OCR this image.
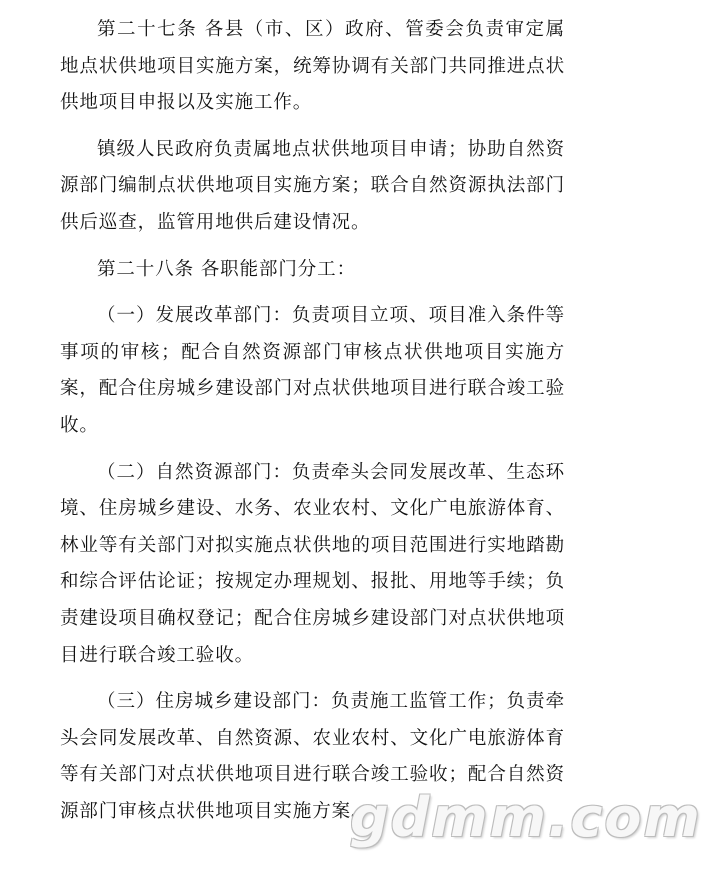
第二十七条 各县（市、区）政府、管委会负责审定属地点状供地项目实施方案，统筹协调有关部门共同推进点状供地项目申报以及实施工作。

镇级人民政府负责属地点状供地项目申请；协助自然资源部门编制点状供地项目实施方案；联合自然资源执法部门供后巡查，监管用地供后建设情况。

第二十八条 各职能部门分工：

（一）发展改革部门：负责项目立项、项目准入条件等事项的审核；配合自然资源部门审核点状供地项目实施方案，配合住房城乡建设部门对点状供地项目进行联合竣工验收。

（二）自然资源部门：负责牵头会同发展改革、生态环境、住房城乡建设、水务、农业农村、文化广电旅游体育、林业等有关部门对拟实施点状供地的项目范围进行实地踏勘和综合评估论证；按规定办理规划、报批、用地等手续；负责建设项目确权登记；配合住房城乡建设部门对点状供地项目进行联合竣工验收。

（三）住房城乡建设部门：负责施工监管工作；负责牵头会同发展改革、自然资源、农业农村、文化广电旅游体育等有关部门对点状供地项目进行联合竣工验收；配合自然资源部门审核点状供地项目实施方案。

gdmm.com
